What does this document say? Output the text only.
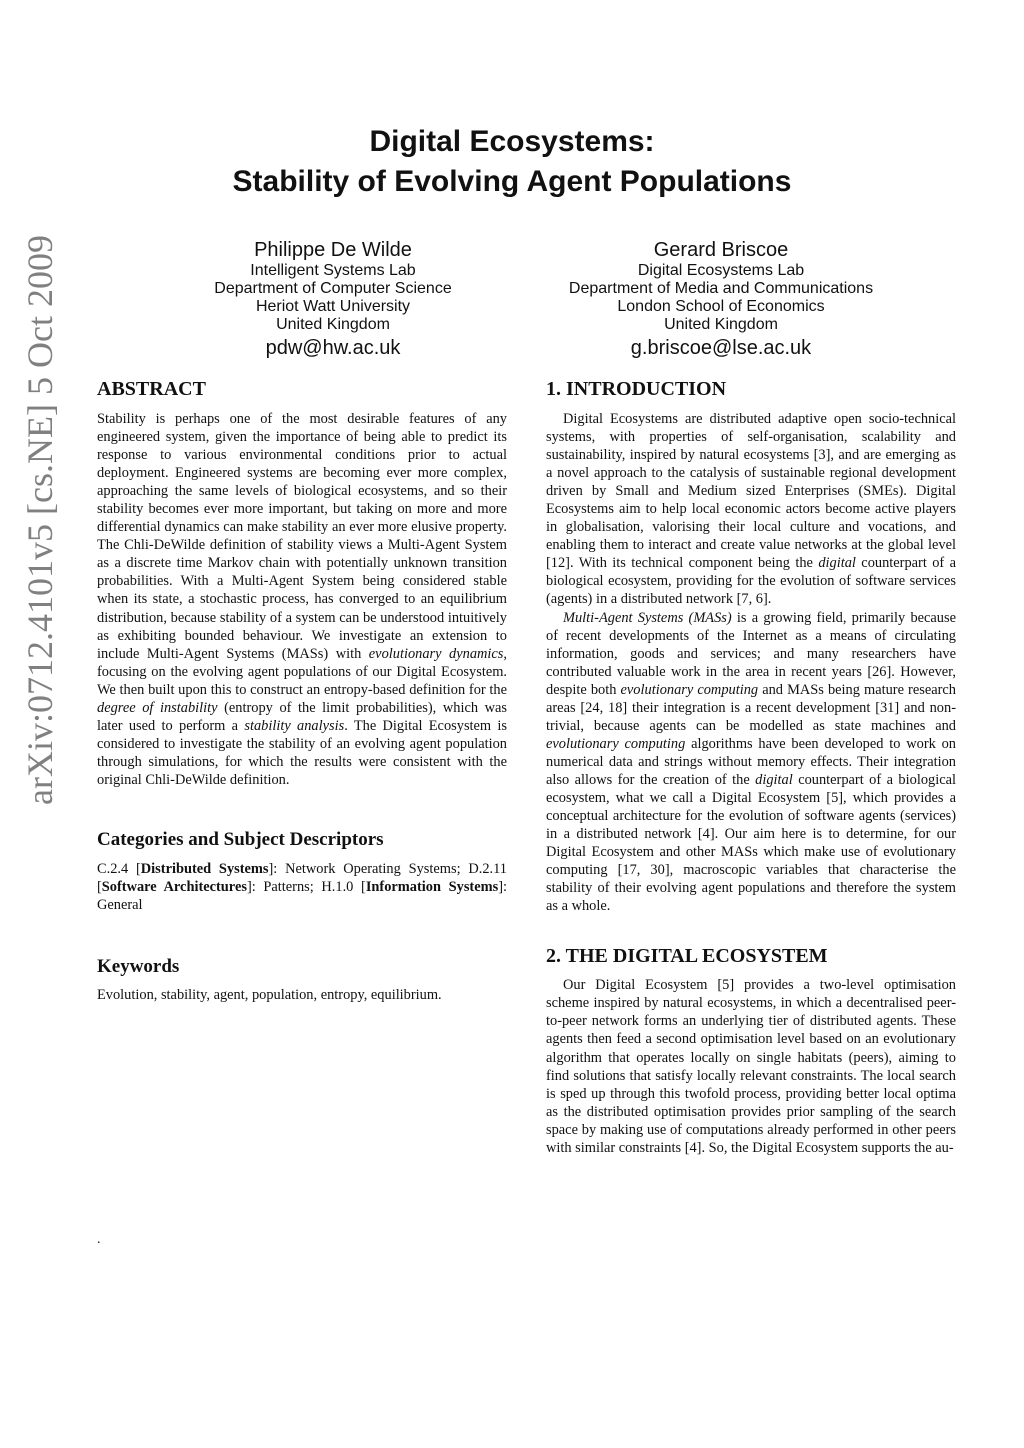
arXiv:0712.4101v5 [cs.NE] 5 Oct 2009
Digital Ecosystems:
Stability of Evolving Agent Populations
Philippe De Wilde
Intelligent Systems Lab
Department of Computer Science
Heriot Watt University
United Kingdom
pdw@hw.ac.uk
Gerard Briscoe
Digital Ecosystems Lab
Department of Media and Communications
London School of Economics
United Kingdom
g.briscoe@lse.ac.uk
ABSTRACT

Stability is perhaps one of the most desirable features of any engineered system, given the importance of being able to predict its response to various environmental conditions prior to actual deployment. Engineered systems are becoming ever more complex, approaching the same levels of biological ecosystems, and so their stability becomes ever more important, but taking on more and more differential dynamics can make stability an ever more elusive property. The Chli-DeWilde definition of stability views a Multi-Agent System as a discrete time Markov chain with potentially unknown transition probabilities. With a Multi-Agent System being considered stable when its state, a stochastic process, has converged to an equilibrium distribution, because stability of a system can be understood intuitively as exhibiting bounded behaviour. We investigate an extension to include Multi-Agent Systems (MASs) with evolutionary dynamics, focusing on the evolving agent populations of our Digital Ecosystem. We then built upon this to construct an entropy-based definition for the degree of instability (entropy of the limit probabilities), which was later used to perform a stability analysis. The Digital Ecosystem is considered to investigate the stability of an evolving agent population through simulations, for which the results were consistent with the original Chli-DeWilde definition.

Categories and Subject Descriptors

C.2.4 [Distributed Systems]: Network Operating Systems; D.2.11 [Software Architectures]: Patterns; H.1.0 [Information Systems]: General

Keywords

Evolution, stability, agent, population, entropy, equilibrium.

1. INTRODUCTION

Digital Ecosystems are distributed adaptive open socio-technical systems, with properties of self-organisation, scalability and sustainability, inspired by natural ecosystems [3], and are emerging as a novel approach to the catalysis of sustainable regional development driven by Small and Medium sized Enterprises (SMEs). Digital Ecosystems aim to help local economic actors become active players in globalisation, valorising their local culture and vocations, and enabling them to interact and create value networks at the global level [12]. With its technical component being the digital counterpart of a biological ecosystem, providing for the evolution of software services (agents) in a distributed network [7, 6].

Multi-Agent Systems (MASs) is a growing field, primarily because of recent developments of the Internet as a means of circulating information, goods and services; and many researchers have contributed valuable work in the area in recent years [26]. However, despite both evolutionary computing and MASs being mature research areas [24, 18] their integration is a recent development [31] and non-trivial, because agents can be modelled as state machines and evolutionary computing algorithms have been developed to work on numerical data and strings without memory effects. Their integration also allows for the creation of the digital counterpart of a biological ecosystem, what we call a Digital Ecosystem [5], which provides a conceptual architecture for the evolution of software agents (services) in a distributed network [4]. Our aim here is to determine, for our Digital Ecosystem and other MASs which make use of evolutionary computing [17, 30], macroscopic variables that characterise the stability of their evolving agent populations and therefore the system as a whole.

2. THE DIGITAL ECOSYSTEM

Our Digital Ecosystem [5] provides a two-level optimisation scheme inspired by natural ecosystems, in which a decentralised peer-to-peer network forms an underlying tier of distributed agents. These agents then feed a second optimisation level based on an evolutionary algorithm that operates locally on single habitats (peers), aiming to find solutions that satisfy locally relevant constraints. The local search is sped up through this twofold process, providing better local optima as the distributed optimisation provides prior sampling of the search space by making use of computations already performed in other peers with similar constraints [4]. So, the Digital Ecosystem supports the au-

.
